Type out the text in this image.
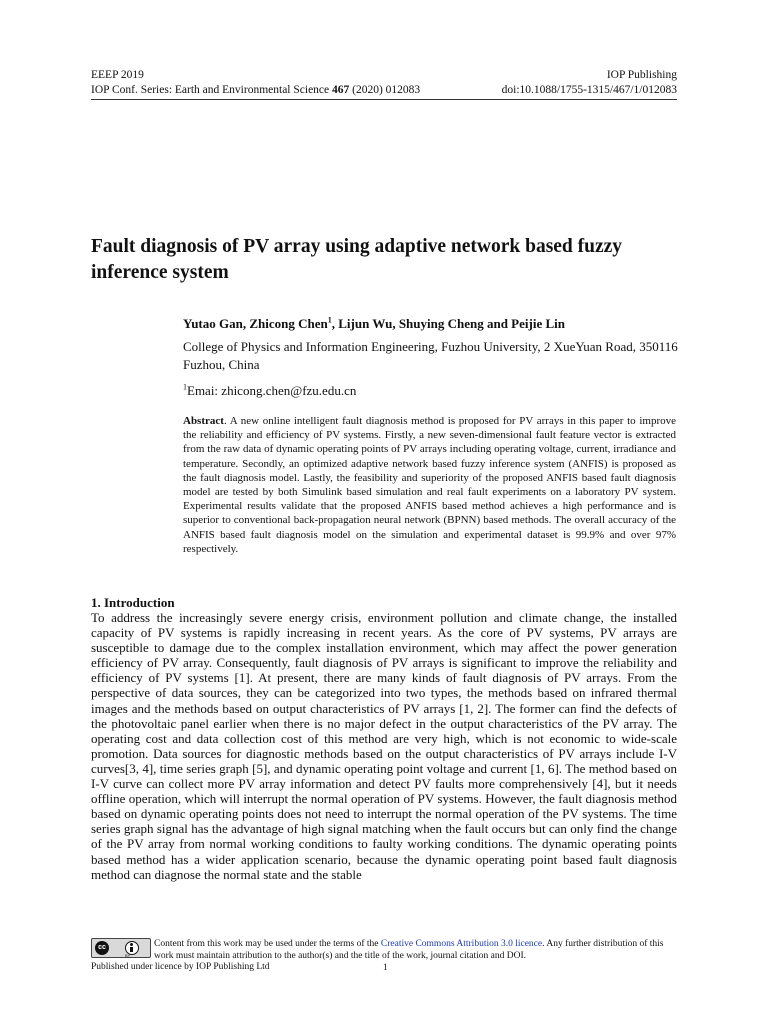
EEEP 2019	IOP Publishing
IOP Conf. Series: Earth and Environmental Science 467 (2020) 012083	doi:10.1088/1755-1315/467/1/012083
Fault diagnosis of PV array using adaptive network based fuzzy inference system
Yutao Gan, Zhicong Chen$^1$, Lijun Wu, Shuying Cheng and Peijie Lin
College of Physics and Information Engineering, Fuzhou University, 2 XueYuan Road, 350116 Fuzhou, China
$^1$Emai: zhicong.chen@fzu.edu.cn
Abstract. A new online intelligent fault diagnosis method is proposed for PV arrays in this paper to improve the reliability and efficiency of PV systems. Firstly, a new seven-dimensional fault feature vector is extracted from the raw data of dynamic operating points of PV arrays including operating voltage, current, irradiance and temperature. Secondly, an optimized adaptive network based fuzzy inference system (ANFIS) is proposed as the fault diagnosis model. Lastly, the feasibility and superiority of the proposed ANFIS based fault diagnosis model are tested by both Simulink based simulation and real fault experiments on a laboratory PV system. Experimental results validate that the proposed ANFIS based method achieves a high performance and is superior to conventional back-propagation neural network (BPNN) based methods. The overall accuracy of the ANFIS based fault diagnosis model on the simulation and experimental dataset is 99.9% and over 97% respectively.
1. Introduction
To address the increasingly severe energy crisis, environment pollution and climate change, the installed capacity of PV systems is rapidly increasing in recent years. As the core of PV systems, PV arrays are susceptible to damage due to the complex installation environment, which may affect the power generation efficiency of PV array. Consequently, fault diagnosis of PV arrays is significant to improve the reliability and efficiency of PV systems [1]. At present, there are many kinds of fault diagnosis of PV arrays. From the perspective of data sources, they can be categorized into two types, the methods based on infrared thermal images and the methods based on output characteristics of PV arrays [1, 2]. The former can find the defects of the photovoltaic panel earlier when there is no major defect in the output characteristics of the PV array. The operating cost and data collection cost of this method are very high, which is not economic to wide-scale promotion. Data sources for diagnostic methods based on the output characteristics of PV arrays include I-V curves[3, 4], time series graph [5], and dynamic operating point voltage and current [1, 6]. The method based on I-V curve can collect more PV array information and detect PV faults more comprehensively [4], but it needs offline operation, which will interrupt the normal operation of PV systems. However, the fault diagnosis method based on dynamic operating points does not need to interrupt the normal operation of the PV systems. The time series graph signal has the advantage of high signal matching when the fault occurs but can only find the change of the PV array from normal working conditions to faulty working conditions. The dynamic operating points based method has a wider application scenario, because the dynamic operating point based fault diagnosis method can diagnose the normal state and the stable
cc
BY
Content from this work may be used under the terms of the Creative Commons Attribution 3.0 licence. Any further distribution of this work must maintain attribution to the author(s) and the title of the work, journal citation and DOI.
Published under licence by IOP Publishing Ltd	1
